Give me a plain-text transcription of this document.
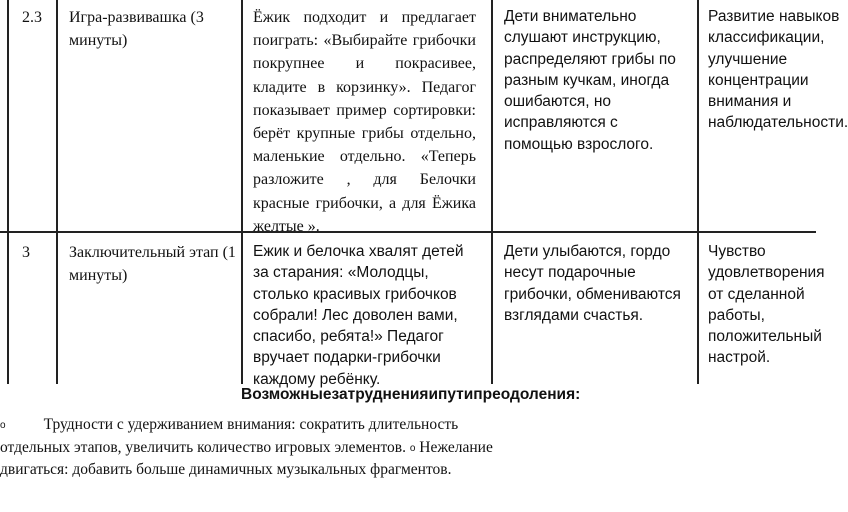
2.3	Игра-развивашка (3 минуты)
Ёжик подходит и предлагает поиграть: «Выбирайте грибочки покрупнее и покрасивее, кладите в корзинку». Педагог показывает пример сортировки: берёт крупные грибы отдельно, маленькие отдельно. «Теперь разложите , для Белочки красные грибочки, а для Ёжика желтые ».
Дети внимательно слушают инструкцию, распределяют грибы по разным кучкам, иногда ошибаются, но исправляются с помощью взрослого.
Развитие навыков классификации, улучшение концентрации внимания и наблюдательности.
3	Заключительный этап (1 минуты)
Ежик и белочка хвалят детей за старания: «Молодцы, столько красивых грибочков собрали! Лес доволен вами, спасибо, ребята!» Педагог вручает подарки-грибочки каждому ребёнку.
Дети улыбаются, гордо несут подарочные грибочки, обмениваются взглядами счастья.
Чувство удовлетворения от сделанной работы, положительный настрой.
Возможныезатрудненияипутипреодоления:
o Трудности с удерживанием внимания: сократить длительность отдельных этапов, увеличить количество игровых элементов. o Нежелание двигаться: добавить больше динамичных музыкальных фрагментов.
